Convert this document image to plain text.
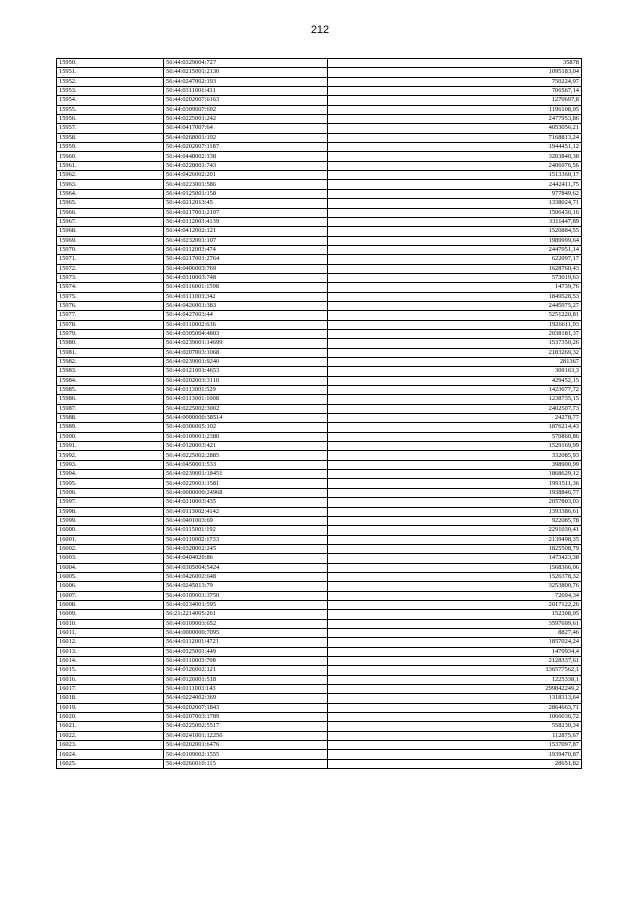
212
15950.	56:44:0329004:727	35878
15951.	56:44:0215001:2130	1095183,04
15952.	56:44:0247002:193	750224,97
15953.	56:44:0311001:431	706567,14
15954.	56:44:0202007:6163	1270697,8
15955.	56:44:0309007:692	1196108,95
15956.	56:44:0225001:242	2477953,86
15957.	56:44:0417007:64	4053056,21
15958.	56:44:0268001:192	7168813,24
15959.	56:44:0202007:1187	1944451,12
15960.	56:44:0448002:138	3203840,38
15961.	56:44:0228001:743	2406976,56
15962.	56:44:0426002:201	1513360,17
15963.	56:44:0223001:586	2442411,75
15964.	56:44:0125001:158	977849,62
15965.	56:44:0212013:45	1338024,71
15966.	56:44:0217001:2107	1506436,16
15967.	56:44:0112003:4139	3311447,89
15968.	56:44:0412002:121	1520884,55
15969.	56:44:0232001:107	1989999,64
15970.	56:44:0112003:474	2447951,14
15971.	56:44:0217001:2764	622097,17
15972.	56:44:0406003:769	1628760,43
15973.	56:44:0310003:748	573019,63
15974.	56:44:0116001:1598	14739,76
15975.	56:44:0111003:342	1849528,53
15976.	56:44:0426001:383	2445975,27
15977.	56:44:0427003:44	5251220,81
15978.	56:44:0110002:636	1926611,93
15979.	56:44:0305004:4803	2038181,37
15980.	56:44:0239001:14699	1537350,26
15981.	56:44:0207003:1068	2183269,32
15982.	56:44:0239001:9240	281367
15983.	56:44:0121001:4653	309163,3
15984.	56:44:0202003:3110	429452,15
15985.	56:44:0113001:529	1423077,72
15986.	56:44:0113001:1008	1238735,15
15987.	56:44:0225002:3002	2402507,73
15988.	56:44:0000000:38514	24278,77
15989.	56:44:0306005:102	1876214,43
15990.	56:44:0109001:2380	570860,86
15991.	56:44:0120003:421	1529169,99
15992.	56:44:0225002:2885	332085,93
15993.	56:44:0450001:533	398900,99
15994.	56:44:0239001:18451	1868629,12
15995.	56:44:0229001:1581	1991511,36
15996.	56:44:0000000:24968	1938846,77
15997.	56:44:0210003:435	2057803,03
15998.	56:44:0113002:4142	1393386,61
15999.	56:44:0401003:69	922085,78
16000.	56:44:0115001:192	2291030,41
16001.	56:44:0110002:1733	2139498,35
16002.	56:44:0328002:245	1825508,79
16003.	56:44:0404020:86	1473423,38
16004.	56:44:0305004:5424	1568366,06
16005.	56:44:0426002:648	1526378,32
16006.	56:44:0245013:79	3253800,76
16007.	56:44:0109001:3750	72694,34
16008.	56:44:0234001:595	2017122,26
16009.	56:21:2214005:261	152308,95
16010.	56:44:0109003:652	3597609,61
16011.	56:44:0000000:7095	8827,46
16012.	56:44:0112001:4721	1857024,24
16013.	56:44:0125001:449	1470934,4
16014.	56:44:0110003:708	2128337,61
16015.	56:44:0126002:121	136577562,1
16016.	56:44:0126001:518	1225338,1
16017.	56:44:0111003:143	299842249,2
16018.	56:44:0224002:369	1318313,64
16019.	56:44:0202007:1843	2864663,71
16020.	56:44:0207003:1789	1066036,72
16021.	56:44:0225002:5517	558230,34
16022.	56:44:0241001:12256	112875,67
16023.	56:44:0202001:6476	1537097,87
16024.	56:44:0109002:1555	1939470,87
16025.	56:44:0266010:115	28651,82
